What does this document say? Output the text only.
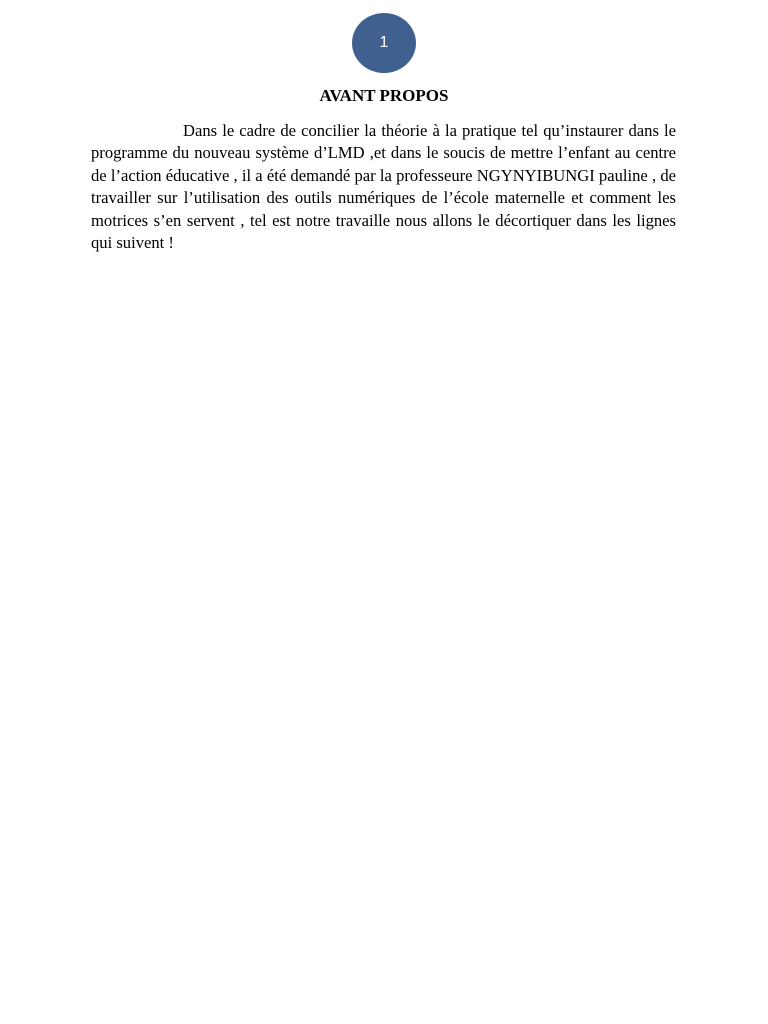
1
AVANT PROPOS

Dans le cadre de concilier la théorie à la pratique tel qu’instaurer dans le programme du nouveau système d’LMD ,et dans le soucis de mettre l’enfant au centre de l’action éducative , il a été demandé par la professeure NGYNYIBUNGI pauline , de travailler sur l’utilisation des outils numériques de l’école maternelle et comment les motrices s’en servent , tel est notre travaille nous allons le décortiquer dans les lignes qui suivent !
